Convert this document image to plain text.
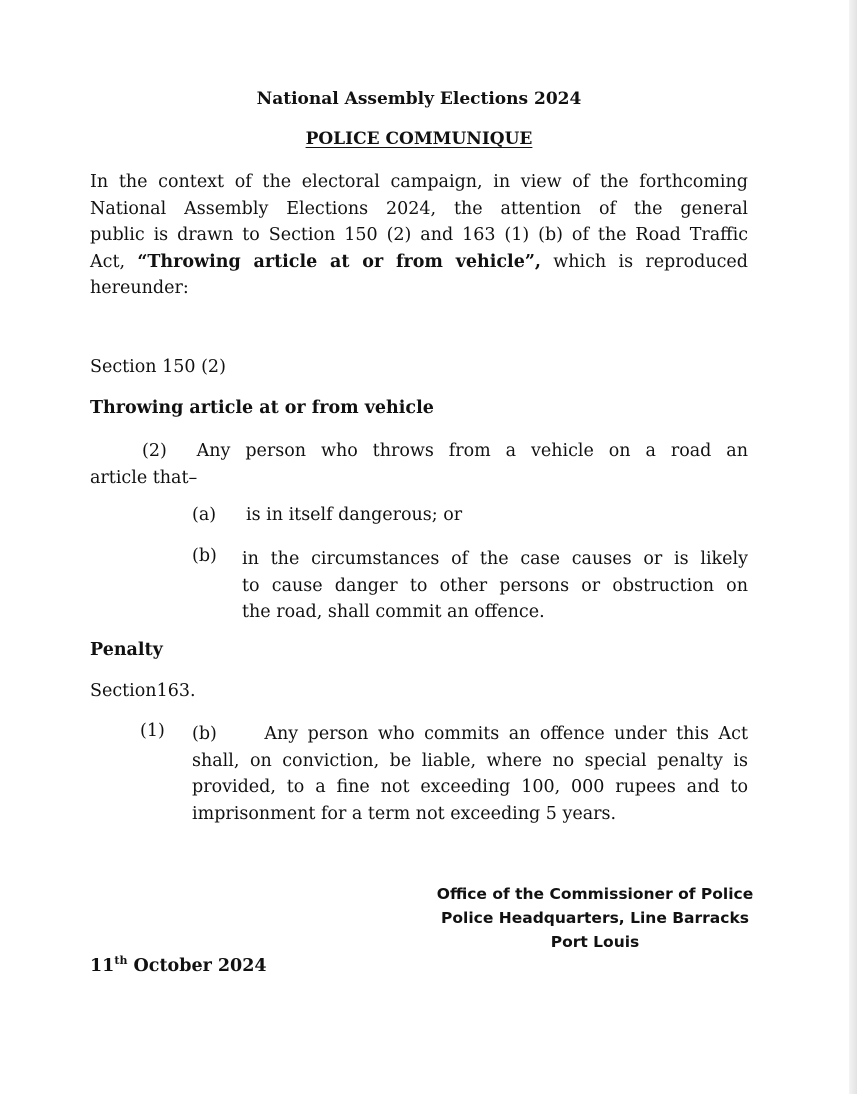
National Assembly Elections 2024
POLICE COMMUNIQUE
In the context of the electoral campaign, in view of the forthcoming
National Assembly Elections 2024, the attention of the general
public is drawn to Section 150 (2) and 163 (1) (b) of the Road Traffic
Act, “Throwing article at or from vehicle”, which is reproduced
hereunder:
Section 150 (2)
Throwing article at or from vehicle
(2) Any person who throws from a vehicle on a road an
article that–
(a) is in itself dangerous; or
(b) in the circumstances of the case causes or is likely
to cause danger to other persons or obstruction on
the road, shall commit an offence.
Penalty
Section163.
(1) (b)	Any person who commits an offence under this Act
shall, on conviction, be liable, where no special penalty is
provided, to a fine not exceeding 100, 000 rupees and to
imprisonment for a term not exceeding 5 years.
Office of the Commissioner of Police
Police Headquarters, Line Barracks
Port Louis
11th October 2024
